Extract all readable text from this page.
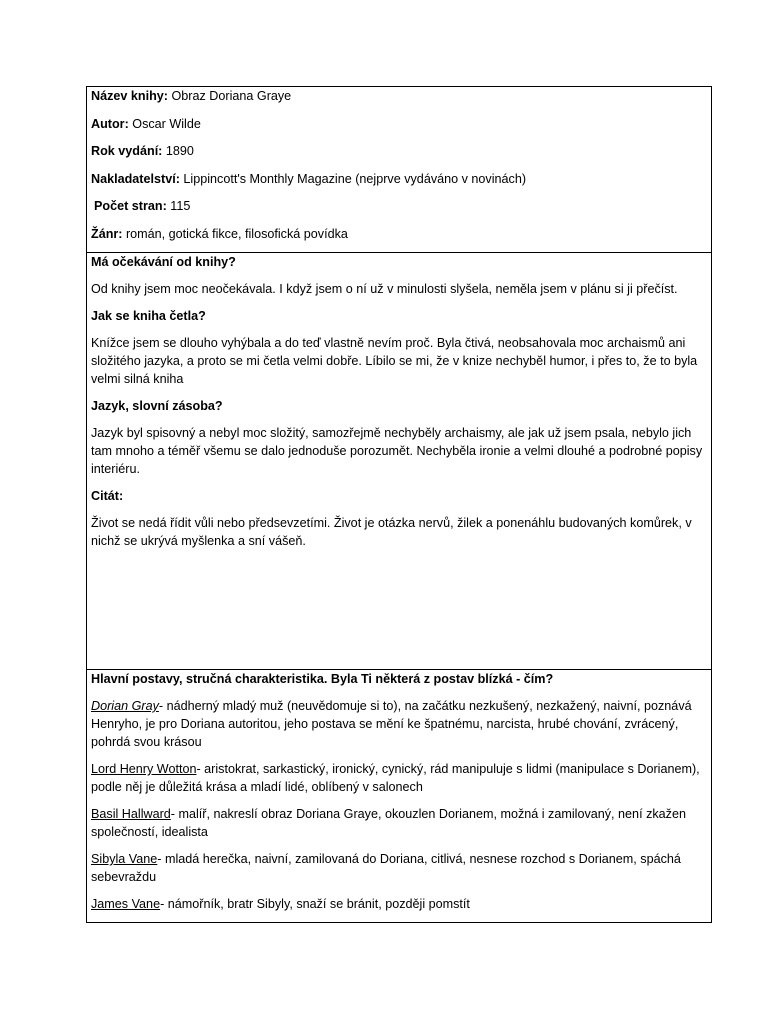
Název knihy: Obraz Doriana Graye

Autor: Oscar Wilde

Rok vydání: 1890

Nakladatelství: Lippincott's Monthly Magazine (nejprve vydáváno v novinách)

Počet stran: 115

Žánr: román, gotická fikce, filosofická povídka

Má očekávání od knihy?

Od knihy jsem moc neočekávala. I když jsem o ní už v minulosti slyšela, neměla jsem v plánu si ji přečíst.

Jak se kniha četla?

Knížce jsem se dlouho vyhýbala a do teď vlastně nevím proč. Byla čtivá, neobsahovala moc archaismů ani složitého jazyka, a proto se mi četla velmi dobře. Líbilo se mi, že v knize nechyběl humor, i přes to, že to byla velmi silná kniha

Jazyk, slovní zásoba?

Jazyk byl spisovný a nebyl moc složitý, samozřejmě nechyběly archaismy, ale jak už jsem psala, nebylo jich tam mnoho a téměř všemu se dalo jednoduše porozumět. Nechyběla ironie a velmi dlouhé a podrobné popisy interiéru.

Citát:

Život se nedá řídit vůli nebo předsevzetími. Život je otázka nervů, žilek a ponenáhlu budovaných komůrek, v nichž se ukrývá myšlenka a sní vášeň.

Hlavní postavy, stručná charakteristika. Byla Ti některá z postav blízká - čím?

Dorian Gray- nádherný mladý muž (neuvědomuje si to), na začátku nezkušený, nezkažený, naivní, poznává Henryho, je pro Doriana autoritou, jeho postava se mění ke špatnému, narcista, hrubé chování, zvrácený, pohrdá svou krásou

Lord Henry Wotton- aristokrat, sarkastický, ironický, cynický, rád manipuluje s lidmi (manipulace s Dorianem), podle něj je důležitá krása a mladí lidé, oblíbený v salonech

Basil Hallward- malíř, nakreslí obraz Doriana Graye, okouzlen Dorianem, možná i zamilovaný, není zkažen společností, idealista

Sibyla Vane- mladá herečka, naivní, zamilovaná do Doriana, citlivá, nesnese rozchod s Dorianem, spáchá sebevraždu

James Vane- námořník, bratr Sibyly, snaží se bránit, později pomstít
